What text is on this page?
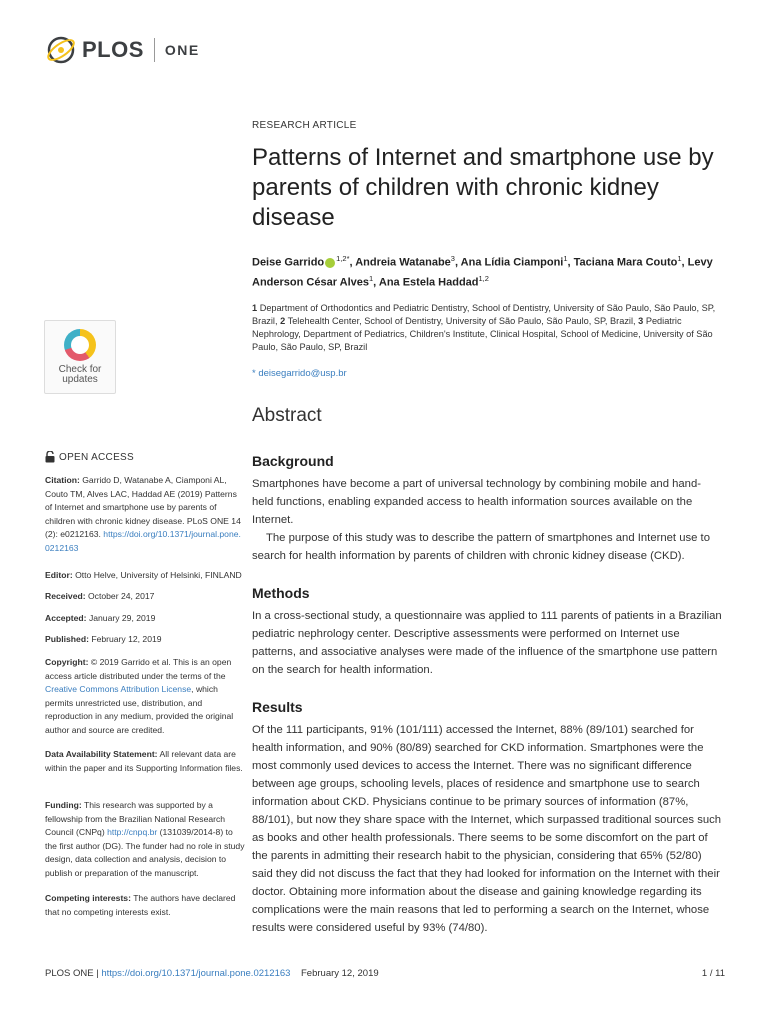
PLOS ONE
Check for updates
OPEN ACCESS
Citation: Garrido D, Watanabe A, Ciamponi AL, Couto TM, Alves LAC, Haddad AE (2019) Patterns of Internet and smartphone use by parents of children with chronic kidney disease. PLoS ONE 14 (2): e0212163. https://doi.org/10.1371/journal.pone.0212163
Editor: Otto Helve, University of Helsinki, FINLAND
Received: October 24, 2017
Accepted: January 29, 2019
Published: February 12, 2019
Copyright: © 2019 Garrido et al. This is an open access article distributed under the terms of the Creative Commons Attribution License, which permits unrestricted use, distribution, and reproduction in any medium, provided the original author and source are credited.
Data Availability Statement: All relevant data are within the paper and its Supporting Information files.
Funding: This research was supported by a fellowship from the Brazilian National Research Council (CNPq) http://cnpq.br (131039/2014-8) to the first author (DG). The funder had no role in study design, data collection and analysis, decision to publish or preparation of the manuscript.
Competing interests: The authors have declared that no competing interests exist.
RESEARCH ARTICLE
Patterns of Internet and smartphone use by parents of children with chronic kidney disease
Deise Garrido $^{1,2*}$, Andreia Watanabe$^3$, Ana Lídia Ciamponi$^1$, Taciana Mara Couto$^1$, Levy Anderson César Alves$^1$, Ana Estela Haddad$^{1,2}$
1 Department of Orthodontics and Pediatric Dentistry, School of Dentistry, University of São Paulo, São Paulo, SP, Brazil, 2 Telehealth Center, School of Dentistry, University of São Paulo, São Paulo, SP, Brazil, 3 Pediatric Nephrology, Department of Pediatrics, Children's Institute, Clinical Hospital, School of Medicine, University of São Paulo, São Paulo, SP, Brazil
* deisegarrido@usp.br
Abstract
Background
Smartphones have become a part of universal technology by combining mobile and hand-held functions, enabling expanded access to health information sources available on the Internet.
The purpose of this study was to describe the pattern of smartphones and Internet use to search for health information by parents of children with chronic kidney disease (CKD).
Methods
In a cross-sectional study, a questionnaire was applied to 111 parents of patients in a Brazilian pediatric nephrology center. Descriptive assessments were performed on Internet use patterns, and associative analyses were made of the influence of the smartphone use pattern on the search for health information.
Results
Of the 111 participants, 91% (101/111) accessed the Internet, 88% (89/101) searched for health information, and 90% (80/89) searched for CKD information. Smartphones were the most commonly used devices to access the Internet. There was no significant difference between age groups, schooling levels, places of residence and smartphone use to search information about CKD. Physicians continue to be primary sources of information (87%, 88/101), but now they share space with the Internet, which surpassed traditional sources such as books and other health professionals. There seems to be some discomfort on the part of the parents in admitting their research habit to the physician, considering that 65% (52/80) said they did not discuss the fact that they had looked for information on the Internet with their doctor. Obtaining more information about the disease and gaining knowledge regarding its complications were the main reasons that led to performing a search on the Internet, whose results were considered useful by 93% (74/80).
PLOS ONE |
https://doi.org/10.1371/journal.pone.0212163
February 12, 2019	1 / 11
